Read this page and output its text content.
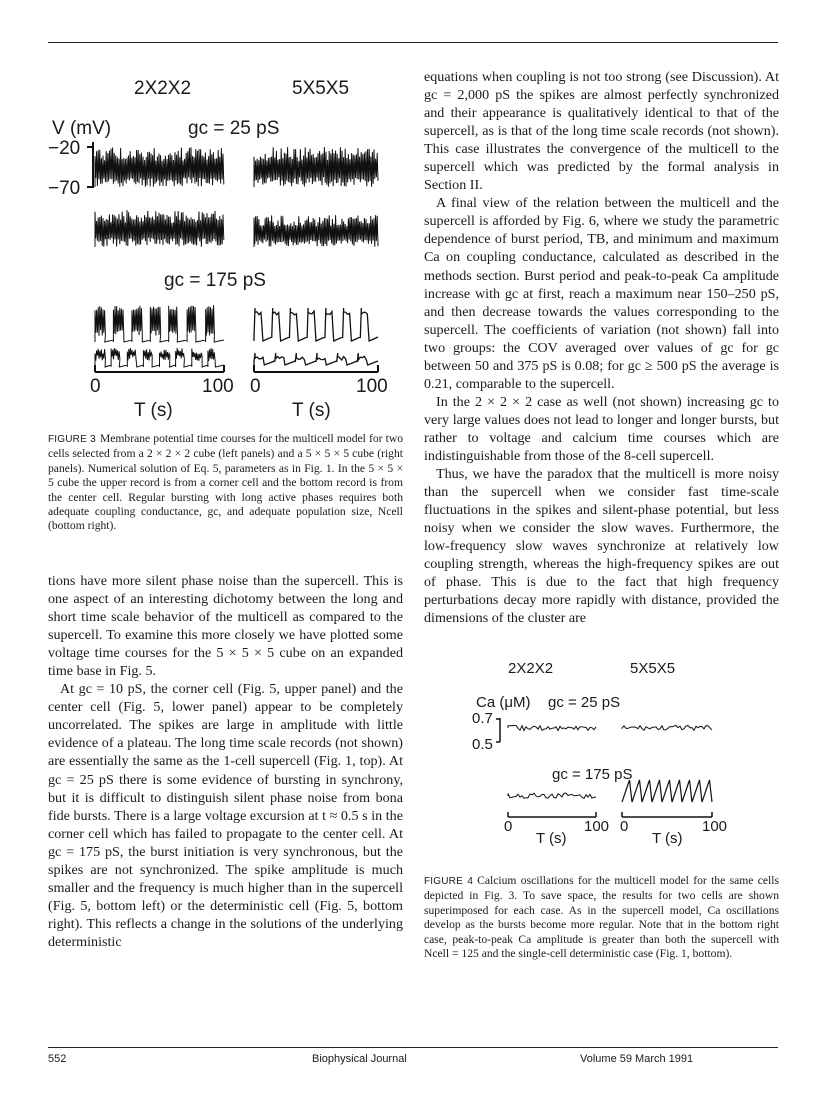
2X2X2	5X5X5
V (mV)	gᴄ = 25 pS
−20
−70
gᴄ = 175 pS
0	100 0	100
T (s)	T (s)

FIGURE 3 Membrane potential time courses for the multicell model for two cells selected from a 2 × 2 × 2 cube (left panels) and a 5 × 5 × 5 cube (right panels). Numerical solution of Eq. 5, parameters as in Fig. 1. In the 5 × 5 × 5 cube the upper record is from a corner cell and the bottom record is from the center cell. Regular bursting with long active phases requires both adequate coupling conductance, gc, and adequate population size, Ncell (bottom right).

tions have more silent phase noise than the supercell. This is one aspect of an interesting dichotomy between the long and short time scale behavior of the multicell as compared to the supercell. To examine this more closely we have plotted some voltage time courses for the 5 × 5 × 5 cube on an expanded time base in Fig. 5.

At gc = 10 pS, the corner cell (Fig. 5, upper panel) and the center cell (Fig. 5, lower panel) appear to be completely uncorrelated. The spikes are large in amplitude with little evidence of a plateau. The long time scale records (not shown) are essentially the same as the 1-cell supercell (Fig. 1, top). At gc = 25 pS there is some evidence of bursting in synchrony, but it is difficult to distinguish silent phase noise from bona fide bursts. There is a large voltage excursion at t ≈ 0.5 s in the corner cell which has failed to propagate to the center cell. At gc = 175 pS, the burst initiation is very synchronous, but the spikes are not synchronized. The spike amplitude is much smaller and the frequency is much higher than in the supercell (Fig. 5, bottom left) or the deterministic cell (Fig. 5, bottom right). This reflects a change in the solutions of the underlying deterministic

equations when coupling is not too strong (see Discussion). At gc = 2,000 pS the spikes are almost perfectly synchronized and their appearance is qualitatively identical to that of the supercell, as is that of the long time scale records (not shown). This case illustrates the convergence of the multicell to the supercell which was predicted by the formal analysis in Section II.

A final view of the relation between the multicell and the supercell is afforded by Fig. 6, where we study the parametric dependence of burst period, TB, and minimum and maximum Ca on coupling conductance, calculated as described in the methods section. Burst period and peak-to-peak Ca amplitude increase with gc at first, reach a maximum near 150–250 pS, and then decrease towards the values corresponding to the supercell. The coefficients of variation (not shown) fall into two groups: the COV averaged over values of gc for gc between 50 and 375 pS is 0.08; for gc ≥ 500 pS the average is 0.21, comparable to the supercell.

In the 2 × 2 × 2 case as well (not shown) increasing gc to very large values does not lead to longer and longer bursts, but rather to voltage and calcium time courses which are indistinguishable from those of the 8-cell supercell.

Thus, we have the paradox that the multicell is more noisy than the supercell when we consider fast time-scale fluctuations in the spikes and silent-phase potential, but less noisy when we consider the slow waves. Furthermore, the low-frequency slow waves synchronize at relatively low coupling strength, whereas the high-frequency spikes are out of phase. This is due to the fact that high frequency perturbations decay more rapidly with distance, provided the dimensions of the cluster are

2X2X2	5X5X5
Ca (μM) gᴄ = 25 pS
0.7
0.5
gᴄ = 175 pS
0	100 0	100
T (s)	T (s)

FIGURE 4 Calcium oscillations for the multicell model for the same cells depicted in Fig. 3. To save space, the results for two cells are shown superimposed for each case. As in the supercell model, Ca oscillations develop as the bursts become more regular. Note that in the bottom right case, peak-to-peak Ca amplitude is greater than both the supercell with Ncell = 125 and the single-cell deterministic case (Fig. 1, bottom).

552	Biophysical Journal	Volume 59 March 1991
